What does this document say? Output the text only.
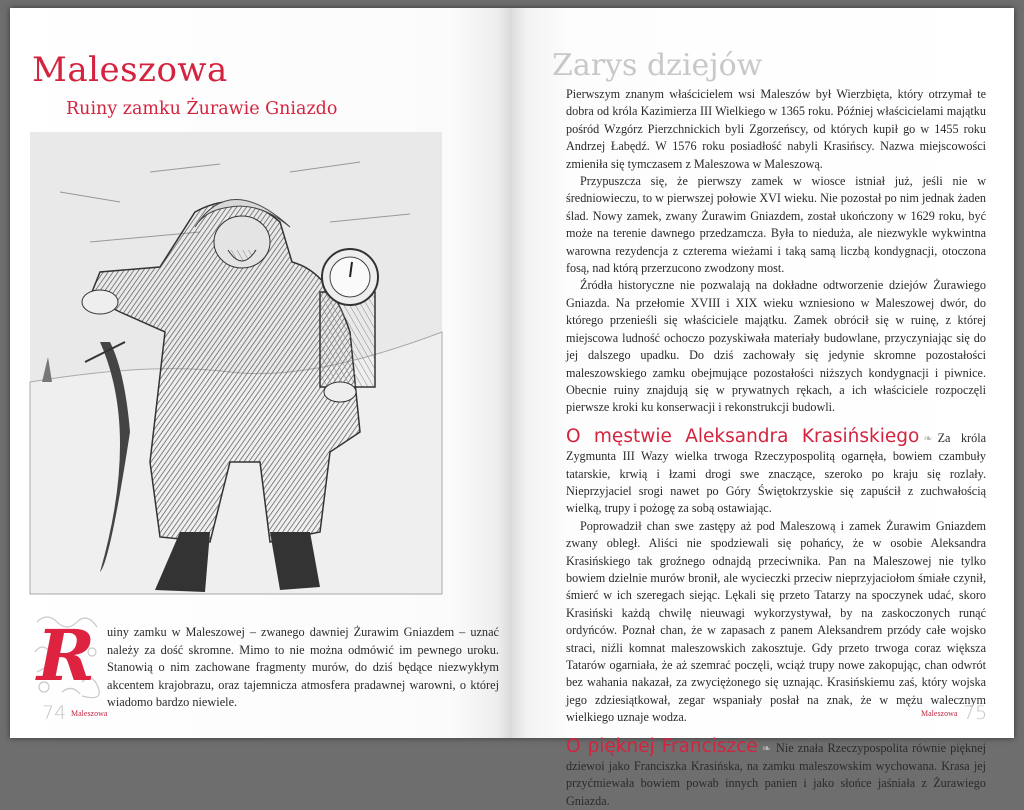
Maleszowa
Ruiny zamku Żurawie Gniazdo
R uiny zamku w Maleszowej – zwanego dawniej Żurawim Gniazdem – uznać należy za dość skromne. Mimo to nie można odmówić im pewnego uroku. Stanowią o nim zachowane fragmenty murów, do dziś będące niezwykłym akcentem krajobrazu, oraz tajemnicza atmosfera pradawnej warowni, o której wiadomo bardzo niewiele.

74 Maleszowa
Zarys dziejów

Pierwszym znanym właścicielem wsi Maleszów był Wierzbięta, który otrzymał te dobra od króla Kazimierza III Wielkiego w 1365 roku. Później właścicielami majątku pośród Wzgórz Pierzchnickich byli Zgorzeńscy, od których kupił go w 1455 roku Andrzej Łabędź. W 1576 roku posiadłość nabyli Krasińscy. Nazwa miejscowości zmieniła się tymczasem z Maleszowa w Maleszową.

Przypuszcza się, że pierwszy zamek w wiosce istniał już, jeśli nie w średniowieczu, to w pierwszej połowie XVI wieku. Nie pozostał po nim jednak żaden ślad. Nowy zamek, zwany Żurawim Gniazdem, został ukończony w 1629 roku, być może na terenie dawnego przedzamcza. Była to nieduża, ale niezwykle wykwintna warowna rezydencja z czterema wieżami i taką samą liczbą kondygnacji, otoczona fosą, nad którą przerzucono zwodzony most.

Źródła historyczne nie pozwalają na dokładne odtworzenie dziejów Żurawiego Gniazda. Na przełomie XVIII i XIX wieku wzniesiono w Maleszowej dwór, do którego przenieśli się właściciele majątku. Zamek obrócił się w ruinę, z której miejscowa ludność ochoczo pozyskiwała materiały budowlane, przyczyniając się do jej dalszego upadku. Do dziś zachowały się jedynie skromne pozostałości maleszowskiego zamku obejmujące pozostałości niższych kondygnacji i piwnice. Obecnie ruiny znajdują się w prywatnych rękach, a ich właściciele rozpoczęli pierwsze kroki ku konserwacji i rekonstrukcji budowli.

O męstwie Aleksandra Krasińskiego ❧ Za króla Zygmunta III Wazy wielka trwoga Rzeczypospolitą ogarnęła, bowiem czambuły tatarskie, krwią i łzami drogi swe znaczące, szeroko po kraju się rozlały. Nieprzyjaciel srogi nawet po Góry Świętokrzyskie się zapuścił z zuchwałością wielką, trupy i pożogę za sobą ostawiając.

Poprowadził chan swe zastępy aż pod Maleszową i zamek Żurawim Gniazdem zwany obległ. Aliści nie spodziewali się pohańcy, że w osobie Aleksandra Krasińskiego tak groźnego odnajdą przeciwnika. Pan na Maleszowej nie tylko bowiem dzielnie murów bronił, ale wycieczki przeciw nieprzyjaciołom śmiałe czynił, śmierć w ich szeregach siejąc. Lękali się przeto Tatarzy na spoczynek udać, skoro Krasiński każdą chwilę nieuwagi wykorzystywał, by na zaskoczonych runąć ordyńców. Poznał chan, że w zapasach z panem Aleksandrem przódy całe wojsko straci, niźli komnat maleszowskich zakosztuje. Gdy przeto trwoga coraz większa Tatarów ogarniała, że aż szemrać poczęli, wciąż trupy nowe zakopując, chan odwrót bez wahania nakazał, za zwyciężonego się uznając. Krasińskiemu zaś, który wojska jego zdziesiątkował, zegar wspaniały posłał na znak, że w mężu walecznym wielkiego uznaje wodza.

O pięknej Franciszce ❧ Nie znała Rzeczypospolita równie pięknej dziewoi jako Franciszka Krasińska, na zamku maleszowskim wychowana. Krasa jej przyćmiewała bowiem powab innych panien i jako słońce jaśniała z Żurawiego Gniazda.

Maleszowa 75
